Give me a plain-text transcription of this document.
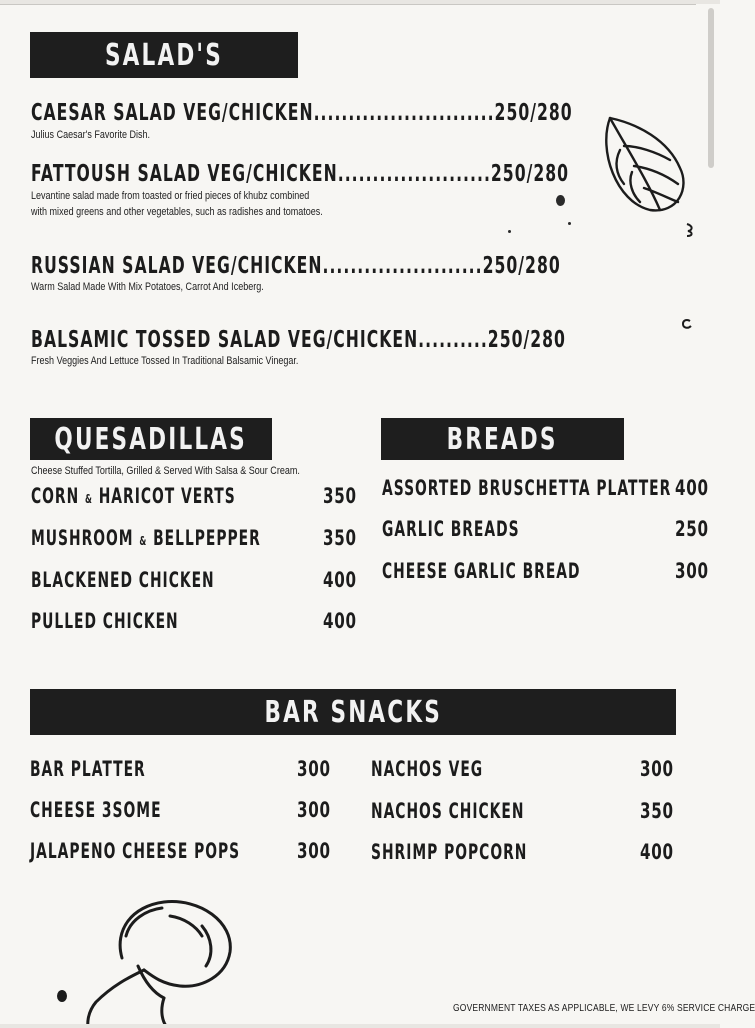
SALAD'S
CAESAR SALAD VEG/CHICKEN..........................250/280
Julius Caesar's Favorite Dish.
FATTOUSH SALAD VEG/CHICKEN......................250/280
Levantine salad made from toasted or fried pieces of khubz combined
with mixed greens and other vegetables, such as radishes and tomatoes.
RUSSIAN SALAD VEG/CHICKEN.......................250/280
Warm Salad Made With Mix Potatoes, Carrot And Iceberg.
BALSAMIC TOSSED SALAD VEG/CHICKEN..........250/280
Fresh Veggies And Lettuce Tossed In Traditional Balsamic Vinegar.
QUESADILLAS
Cheese Stuffed Tortilla, Grilled & Served With Salsa & Sour Cream.
CORN & HARICOT VERTS	350
MUSHROOM & BELLPEPPER	350
BLACKENED CHICKEN	400
PULLED CHICKEN	400
BREADS
ASSORTED BRUSCHETTA PLATTER 400
GARLIC BREADS	250
CHEESE GARLIC BREAD	300
BAR SNACKS
BAR PLATTER	300
CHEESE 3SOME	300
JALAPENO CHEESE POPS	300
NACHOS VEG	300
NACHOS CHICKEN	350
SHRIMP POPCORN	400
GOVERNMENT TAXES AS APPLICABLE, WE LEVY 6% SERVICE CHARGE
